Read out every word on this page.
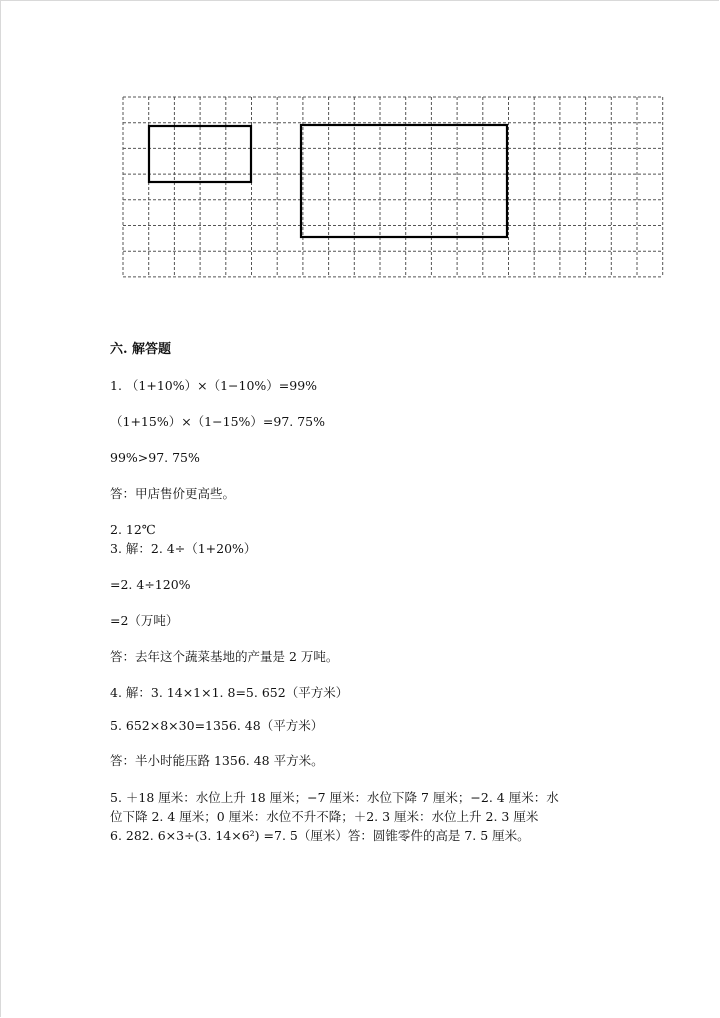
六. 解答题
1. （1+10%）×（1−10%）=99%
（1+15%）×（1−15%）=97. 75%
99%>97. 75%
答：甲店售价更高些。
2. 12℃
3. 解：2. 4÷（1+20%）
=2. 4÷120%
=2（万吨）
答：去年这个蔬菜基地的产量是 2 万吨。
4. 解：3. 14×1×1. 8=5. 652（平方米）
5. 652×8×30=1356. 48（平方米）
答：半小时能压路 1356. 48 平方米。
5. ＋18 厘米：水位上升 18 厘米；−7 厘米：水位下降 7 厘米；−2. 4 厘米：水
位下降 2. 4 厘米；0 厘米：水位不升不降；＋2. 3 厘米：水位上升 2. 3 厘米
6. 282. 6×3÷(3. 14×6²) =7. 5（厘米）答：圆锥零件的高是 7. 5 厘米。
